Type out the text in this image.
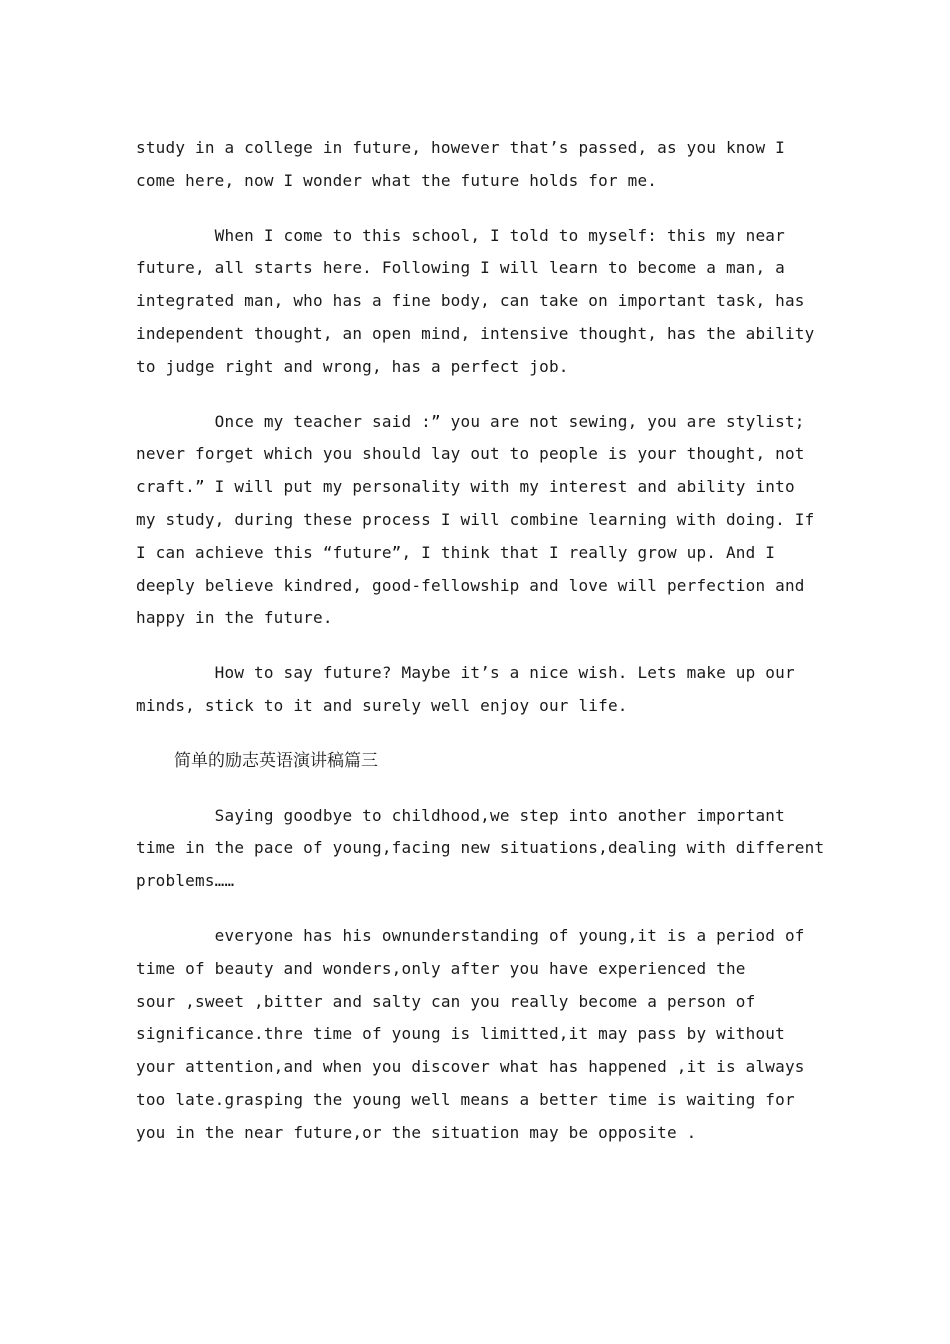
study in a college in future, however that’s passed, as you know I
come here, now I wonder what the future holds for me.

When I come to this school, I told to myself: this my near
future, all starts here. Following I will learn to become a man, a
integrated man, who has a fine body, can take on important task, has
independent thought, an open mind, intensive thought, has the ability
to judge right and wrong, has a perfect job.

Once my teacher said :” you are not sewing, you are stylist;
never forget which you should lay out to people is your thought, not
craft.” I will put my personality with my interest and ability into
my study, during these process I will combine learning with doing. If
I can achieve this “future”, I think that I really grow up. And I
deeply believe kindred, good-fellowship and love will perfection and
happy in the future.

How to say future? Maybe it’s a nice wish. Lets make up our
minds, stick to it and surely well enjoy our life.

简单的励志英语演讲稿篇三

Saying goodbye to childhood,we step into another important
time in the pace of young,facing new situations,dealing with different
problems……

everyone has his ownunderstanding of young,it is a period of
time of beauty and wonders,only after you have experienced the
sour ,sweet ,bitter and salty can you really become a person of
significance.thre time of young is limitted,it may pass by without
your attention,and when you discover what has happened ,it is always
too late.grasping the young well means a better time is waiting for
you in the near future,or the situation may be opposite .
